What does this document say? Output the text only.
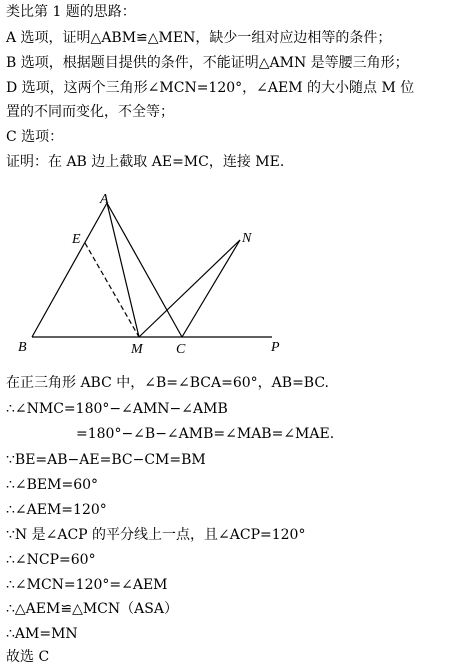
类比第 1 题的思路：
A 选项，证明△ABM≌△MEN，缺少一组对应边相等的条件；
B 选项，根据题目提供的条件，不能证明△AMN 是等腰三角形；
D 选项，这两个三角形∠MCN=120°，∠AEM 的大小随点 M 位
置的不同而变化，不全等；
C 选项：
证明：在 AB 边上截取 AE=MC，连接 ME.
A
E	N
B	M C	P
在正三角形 ABC 中，∠B=∠BCA=60°，AB=BC.
∴∠NMC=180°−∠AMN−∠AMB
=180°−∠B−∠AMB=∠MAB=∠MAE.
∵BE=AB−AE=BC−CM=BM
∴∠BEM=60°
∴∠AEM=120°
∵N 是∠ACP 的平分线上一点，且∠ACP=120°
∴∠NCP=60°
∴∠MCN=120°=∠AEM
∴△AEM≌△MCN（ASA）
∴AM=MN
故选 C
